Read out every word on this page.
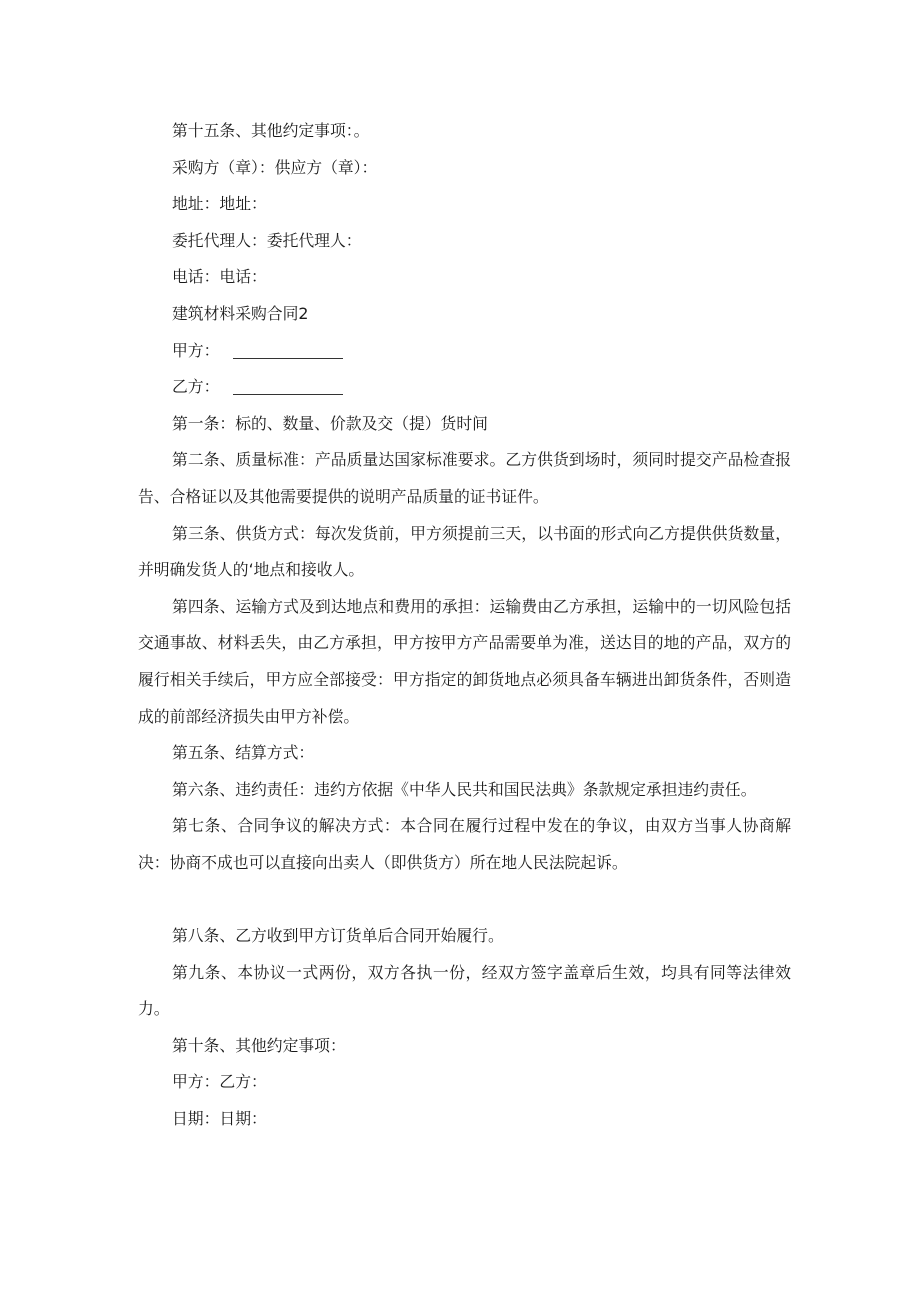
第十五条、其他约定事项：。

采购方（章）：供应方（章）：

地址：地址：

委托代理人：委托代理人：

电话：电话：

建筑材料采购合同2

甲方：

乙方：

第一条：标的、数量、价款及交（提）货时间

第二条、质量标准：产品质量达国家标准要求。乙方供货到场时，须同时提交产品检查报告、合格证以及其他需要提供的说明产品质量的证书证件。

第三条、供货方式：每次发货前，甲方须提前三天，以书面的形式向乙方提供供货数量，并明确发货人的‘地点和接收人。

第四条、运输方式及到达地点和费用的承担：运输费由乙方承担，运输中的一切风险包括交通事故、材料丢失，由乙方承担，甲方按甲方产品需要单为准，送达目的地的产品，双方的履行相关手续后，甲方应全部接受：甲方指定的卸货地点必须具备车辆进出卸货条件，否则造成的前部经济损失由甲方补偿。

第五条、结算方式：

第六条、违约责任：违约方依据《中华人民共和国民法典》条款规定承担违约责任。

第七条、合同争议的解决方式：本合同在履行过程中发在的争议，由双方当事人协商解决：协商不成也可以直接向出卖人（即供货方）所在地人民法院起诉。

第八条、乙方收到甲方订货单后合同开始履行。

第九条、本协议一式两份，双方各执一份，经双方签字盖章后生效，均具有同等法律效力。

第十条、其他约定事项：

甲方：乙方：

日期：日期：
